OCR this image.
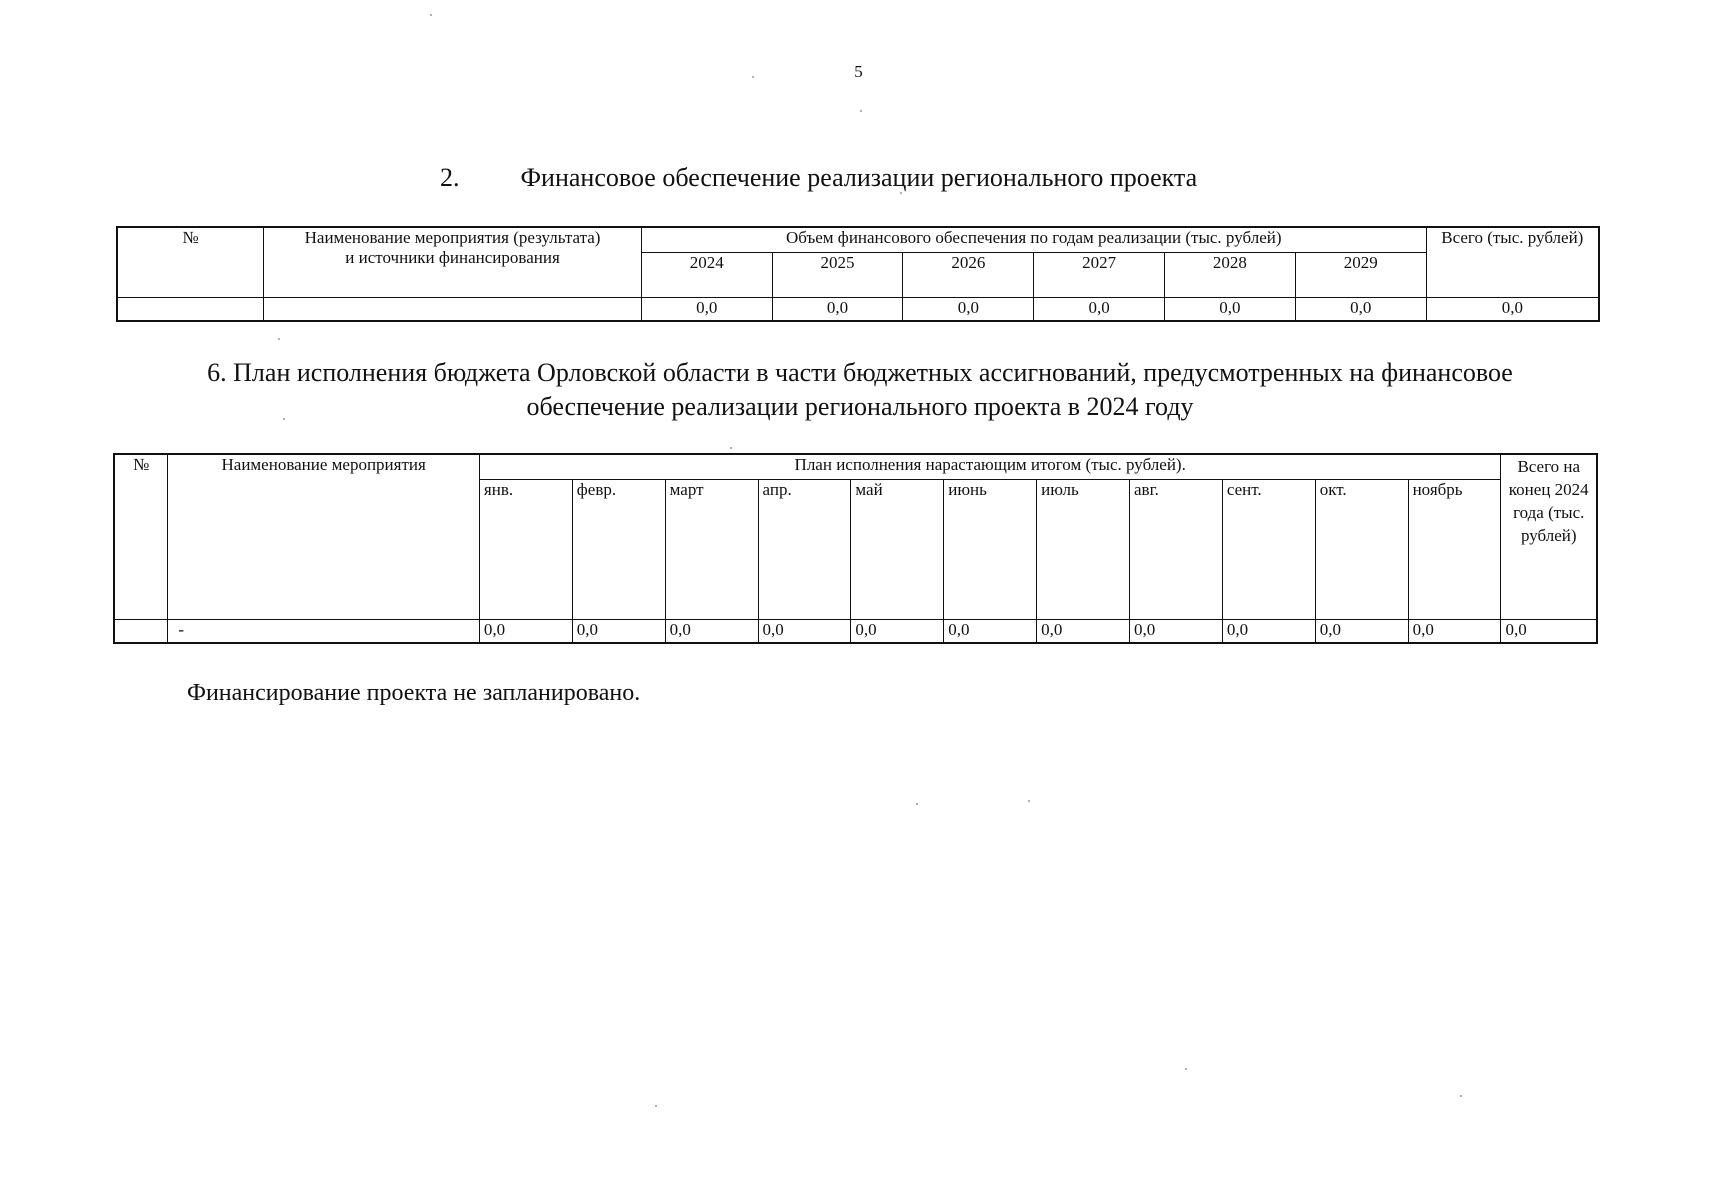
5
2. Финансовое обеспечение реализации регионального проекта
№	Наименование мероприятия (результата) и источники финансирования	Объем финансового обеспечения по годам реализации (тыс. рублей)						Всего (тыс. рублей)
		2024	2025	2026	2027	2028	2029	
		0,0	0,0	0,0	0,0	0,0	0,0	0,0
6. План исполнения бюджета Орловской области в части бюджетных ассигнований, предусмотренных на финансовое обеспечение реализации регионального проекта в 2024 году
№	Наименование мероприятия	План исполнения нарастающим итогом (тыс. рублей).											Всего на конец 2024 года (тыс. рублей)
		янв.	февр.	март	апр.	май	июнь	июль	авг.	сент.	окт.	ноябрь	
	-	0,0	0,0	0,0	0,0	0,0	0,0	0,0	0,0	0,0	0,0	0,0	0,0
Финансирование проекта не запланировано.
